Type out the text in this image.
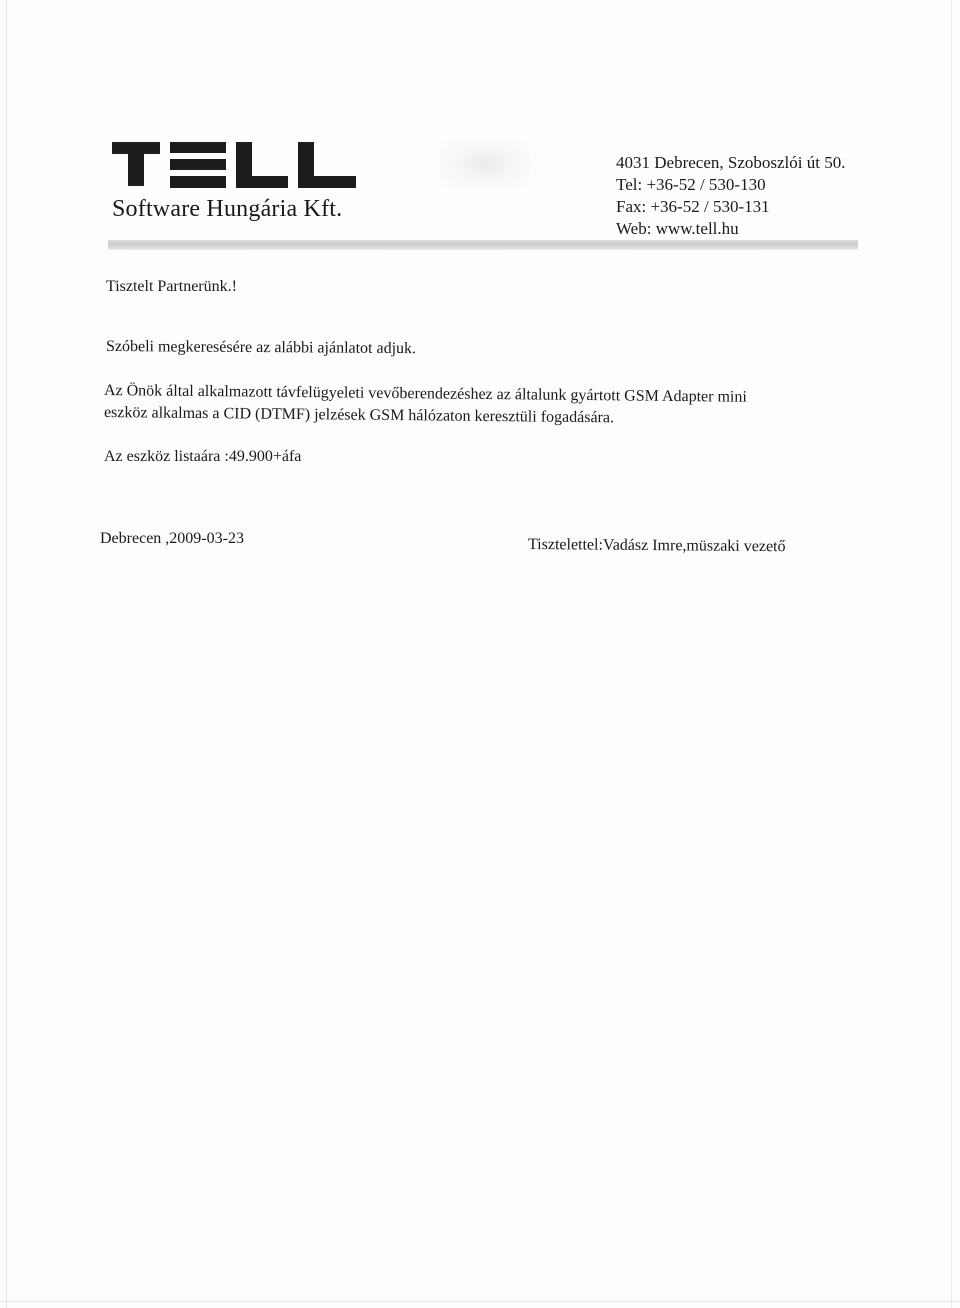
Software Hungária Kft.
4031 Debrecen, Szoboszlói út 50.
Tel: +36-52 / 530-130
Fax: +36-52 / 530-131
Web: www.tell.hu
Tisztelt Partnerünk.!
Szóbeli megkeresésére az alábbi ajánlatot adjuk.
Az Önök által alkalmazott távfelügyeleti vevőberendezéshez az általunk gyártott GSM Adapter mini
eszköz alkalmas a CID (DTMF) jelzések GSM hálózaton keresztüli fogadására.
Az eszköz listaára :49.900+áfa
Debrecen ,2009-03-23	Tisztelettel:Vadász Imre,müszaki vezető
